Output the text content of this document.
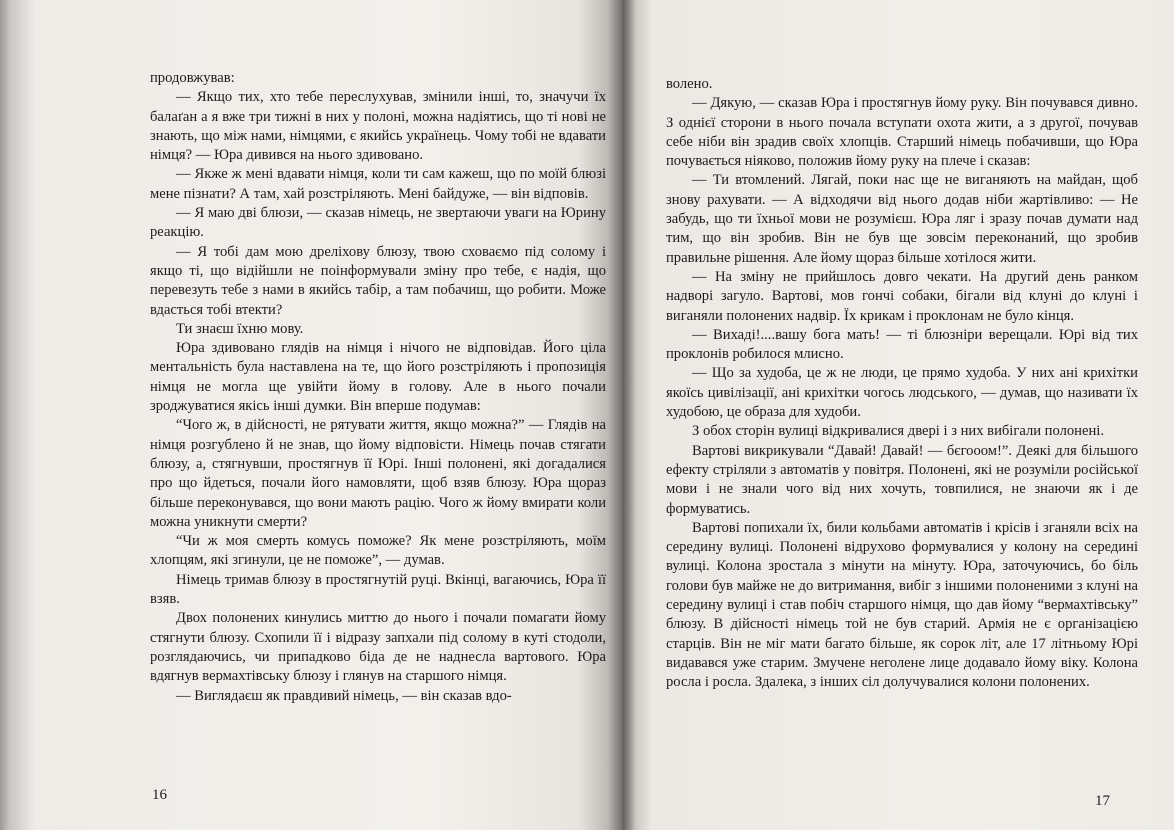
продовжував:

— Якщо тих, хто тебе переслухував, змінили інші, то, значучи їх балаґан а я вже три тижні в них у полоні, можна надіятись, що ті нові не знають, що між нами, німцями, є якийсь українець. Чому тобі не вдавати німця? — Юра дивився на нього здивовано.

— Якже ж мені вдавати німця, коли ти сам кажеш, що по моїй блюзі мене пізнати? А там, хай розстріляють. Мені байдуже, — він відповів.

— Я маю дві блюзи, — сказав німець, не звертаючи уваги на Юрину реакцію.

— Я тобі дам мою дреліхову блюзу, твою сховаємо під солому і якщо ті, що відійшли не поінформували зміну про тебе, є надія, що перевезуть тебе з нами в якийсь табір, а там побачиш, що робити. Може вдасться тобі втекти?

Ти знаєш їхню мову.

Юра здивовано глядів на німця і нічого не відповідав. Його ціла ментальність була наставлена на те, що його розстріляють і пропозиція німця не могла ще увійти йому в голову. Але в нього почали зроджуватися якісь інші думки. Він вперше подумав:

“Чого ж, в дійсності, не рятувати життя, якщо можна?” — Глядів на німця розгублено й не знав, що йому відповісти. Німець почав стягати блюзу, а, стягнувши, простягнув її Юрі. Інші полонені, які догадалися про що йдеться, почали його намовляти, щоб взяв блюзу. Юра щораз більше переконувався, що вони мають рацію. Чого ж йому вмирати коли можна уникнути смерти?

“Чи ж моя смерть комусь поможе? Як мене розстріляють, моїм хлопцям, які згинули, це не поможе”, — думав.

Німець тримав блюзу в простягнутій руці. Вкінці, вагаючись, Юра її взяв.

Двох полонених кинулись миттю до нього і почали помагати йому стягнути блюзу. Схопили її і відразу запхали під солому в куті стодоли, розглядаючись, чи припадково біда де не наднесла вартового. Юра вдягнув вермахтівську блюзу і глянув на старшого німця.

— Виглядаєш як правдивий німець, — він сказав вдо-

16

волено.

— Дякую, — сказав Юра і простягнув йому руку. Він почувався дивно. З однієї сторони в нього почала вступати охота жити, а з другої, почував себе ніби він зрадив своїх хлопців. Старший німець побачивши, що Юра почувається ніяково, положив йому руку на плече і сказав:

— Ти втомлений. Лягай, поки нас ще не виганяють на майдан, щоб знову рахувати. — А відходячи від нього додав ніби жартівливо: — Не забудь, що ти їхньої мови не розумієш. Юра ляг і зразу почав думати над тим, що він зробив. Він не був ще зовсім переконаний, що зробив правильне рішення. Але йому щораз більше хотілося жити.

— На зміну не прийшлось довго чекати. На другий день ранком надворі загуло. Вартові, мов гончі собаки, бігали від клуні до клуні і виганяли полонених надвір. Їх крикам і проклонам не було кінця.

— Вихаді!....вашу бога мать! — ті блюзніри верещали. Юрі від тих проклонів робилося млисно.

— Що за худоба, це ж не люди, це прямо худоба. У них ані крихітки якоїсь цивілізації, ані крихітки чогось людського, — думав, що називати їх худобою, це образа для худоби.

З обох сторін вулиці відкривалися двері і з них вибігали полонені.

Вартові викрикували “Давай! Давай! — бєгооом!”. Деякі для більшого ефекту стріляли з автоматів у повітря. Полонені, які не розуміли російської мови і не знали чого від них хочуть, товпилися, не знаючи як і де формуватись.

Вартові попихали їх, били кольбами автоматів і крісів і зганяли всіх на середину вулиці. Полонені відрухово формувалися у колону на середині вулиці. Колона зростала з мінути на мінуту. Юра, заточуючись, бо біль голови був майже не до витримання, вибіг з іншими полоненими з клуні на середину вулиці і став побіч старшого німця, що дав йому “вермахтівську” блюзу. В дійсності німець той не був старий. Армія не є організацією старців. Він не міг мати багато більше, як сорок літ, але 17 літньому Юрі видавався уже старим. Змучене неголене лице додавало йому віку. Колона росла і росла. Здалека, з інших сіл долучувалися колони полонених.

17
